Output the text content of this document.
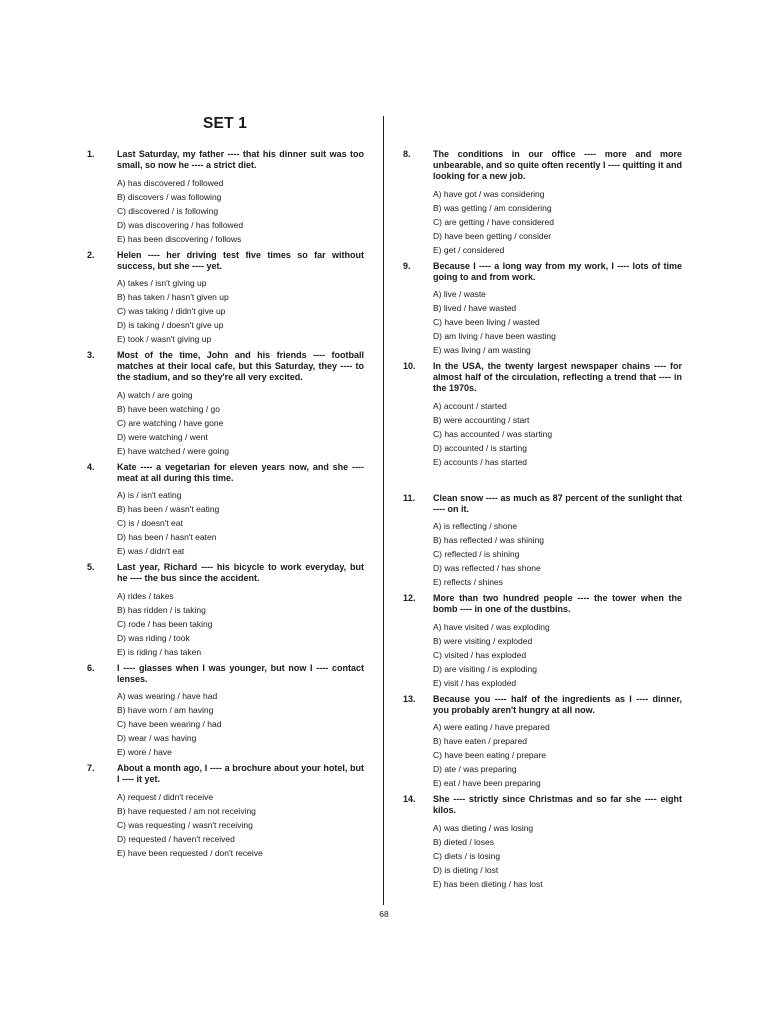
SET 1
1.	Last Saturday, my father ---- that his dinner suit was too small, so now he ---- a strict diet.
A) has discovered / followed
B) discovers / was following
C) discovered / is following
D) was discovering / has followed
E) has been discovering / follows
2.	Helen ---- her driving test five times so far without success, but she ---- yet.
A) takes / isn't giving up
B) has taken / hasn't given up
C) was taking / didn't give up
D) is taking / doesn't give up
E) took / wasn't giving up
3.	Most of the time, John and his friends ---- football matches at their local cafe, but this Saturday, they ---- to the stadium, and so they're all very excited.
A) watch / are going
B) have been watching / go
C) are watching / have gone
D) were watching / went
E) have watched / were going
4.	Kate ---- a vegetarian for eleven years now, and she ---- meat at all during this time.
A) is / isn't eating
B) has been / wasn't eating
C) is / doesn't eat
D) has been / hasn't eaten
E) was / didn't eat
5.	Last year, Richard ---- his bicycle to work everyday, but he ---- the bus since the accident.
A) rides / takes
B) has ridden / is taking
C) rode / has been taking
D) was riding / took
E) is riding / has taken
6.	I ---- glasses when I was younger, but now I ---- contact lenses.
A) was wearing / have had
B) have worn / am having
C) have been wearing / had
D) wear / was having
E) wore / have
7.	About a month ago, I ---- a brochure about your hotel, but I ---- it yet.
A) request / didn't receive
B) have requested / am not receiving
C) was requesting / wasn't receiving
D) requested / haven't received
E) have been requested / don't receive
8.	The conditions in our office ---- more and more unbearable, and so quite often recently I ---- quitting it and looking for a new job.
A) have got / was considering
B) was getting / am considering
C) are getting / have considered
D) have been getting / consider
E) get / considered
9.	Because I ---- a long way from my work, I ---- lots of time going to and from work.
A) live / waste
B) lived / have wasted
C) have been living / wasted
D) am living / have been wasting
E) was living / am wasting
10.	In the USA, the twenty largest newspaper chains ---- for almost half of the circulation, reflecting a trend that ---- in the 1970s.
A) account / started
B) were accounting / start
C) has accounted / was starting
D) accounted / is starting
E) accounts / has started
11.	Clean snow ---- as much as 87 percent of the sunlight that ---- on it.
A) is reflecting / shone
B) has reflected / was shining
C) reflected / is shining
D) was reflected / has shone
E) reflects / shines
12.	More than two hundred people ---- the tower when the bomb ---- in one of the dustbins.
A) have visited / was exploding
B) were visiting / exploded
C) visited / has exploded
D) are visiting / is exploding
E) visit / has exploded
13.	Because you ---- half of the ingredients as I ---- dinner, you probably aren't hungry at all now.
A) were eating / have prepared
B) have eaten / prepared
C) have been eating / prepare
D) ate / was preparing
E) eat / have been preparing
14.	She ---- strictly since Christmas and so far she ---- eight kilos.
A) was dieting / was losing
B) dieted / loses
C) diets / is losing
D) is dieting / lost
E) has been dieting / has lost
68
